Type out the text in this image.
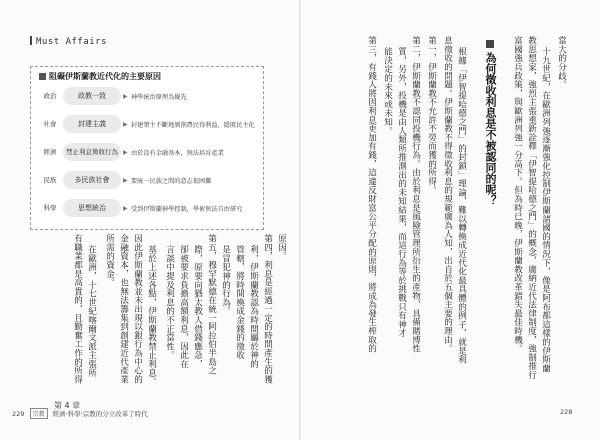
Must Affairs
阻礙伊斯蘭教近代化的主要原因
政治	政教一致	▶ 神學統治原理為優先
社會	封建主義	▶ 封建領主不斷地剝削農民得利益，隱匿民主化
經濟	禁止利息徵收行為 ▶ 由於沒有金融基本，無法培育產業
民族	多民族社會	▶ 要統一民族之間的意志很困難
科學	思想統治	▶ 受到伊斯蘭神學控制，學術無法自由研究
原因。
第四，利息是經過一定的時間產生的獲
利，伊斯蘭教認為時間屬於神的
管轄，將時間換成金錢的徵收
是冒犯神的行為。
第五，穆罕默德在統一阿拉伯半島之
際，原要向猶太教人借錢應急，
卻被要求負擔高額利息，因此在
言談中提及利息的不正當性。
基於上述各點，伊斯蘭教禁止利息。
因此伊斯蘭教並未出現以銀行為中心的
金融資本，也無法籌集到創建近代產業
所需的資金。
在歐洲，十七世紀喀爾文派主張所
有職業都是高貴的，且勤奮工作的所得
當大的分歧。
十九世紀，在歐洲列強逐漸強化控制伊斯蘭諸國的情況下，像是阿布都這樣的伊斯蘭
教思想家，強烈主張重新詮釋「伊智提哈德之門」的概念，廣納近代法律制度，強制推行
富國強兵政策，與歐洲列強一分高下。但為時已晚，伊斯蘭教改革錯失最佳時機。
為何徵收利息是不被認同的呢？
根據「伊智提哈德之門」的封鎖」理論，難以轉換成近代化最具體的例子，就是利
息徵收的問題。伊斯蘭教不得徵收利息的規範廣為人知，出自於五個主要的理由。
第一，伊斯蘭教不允許不勞而獲的所得。
第二，伊斯蘭教不認同投機行為。由於利息是風險管理所衍生的產物，具備賭博性
質，另外，投機是由人類所推測出的未知結果，而這行為等於挑戰只有神才
能決定的未來或未知。
第三，有錢人將因利息更加有錢，這違反財富公平分配的原則，將成為發生榨取的
第 4 章
229 宗教 經濟‧科學‧宗教的分立改革了時代	228
